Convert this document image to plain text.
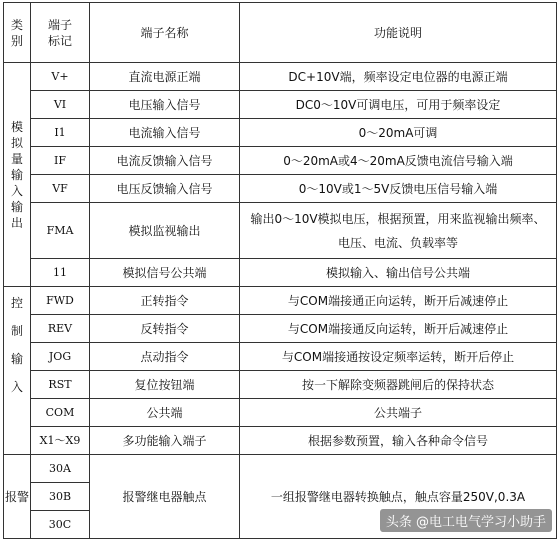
类别	端子标记	端子名称	功能说明
模拟量输入输出	V+	直流电源正端	DC+10V端，频率设定电位器的电源正端
	VI	电压输入信号	DC0～10V可调电压，可用于频率设定
	I1	电流输入信号	0～20mA可调
	IF	电流反馈输入信号	0～20mA或4～20mA反馈电流信号输入端
	VF	电压反馈输入信号	0～10V或1～5V反馈电压信号输入端
	FMA	模拟监视输出	输出0～10V模拟电压，根据预置，用来监视输出频率、电压、电流、负载率等
	11	模拟信号公共端	模拟输入、输出信号公共端
控制输入	FWD	正转指令	与COM端接通正向运转，断开后减速停止
	REV	反转指令	与COM端接通反向运转，断开后减速停止
	JOG	点动指令	与COM端接通按设定频率运转，断开后停止
	RST	复位按钮端	按一下解除变频器跳闸后的保持状态
	COM	公共端	公共端子
	X1～X9	多功能输入端子	根据参数预置，输入各种命令信号
报警	30A	报警继电器触点	一组报警继电器转换触点，触点容量250V,0.3A
	30B		
	30C			头条 @电工电气学习小助手
